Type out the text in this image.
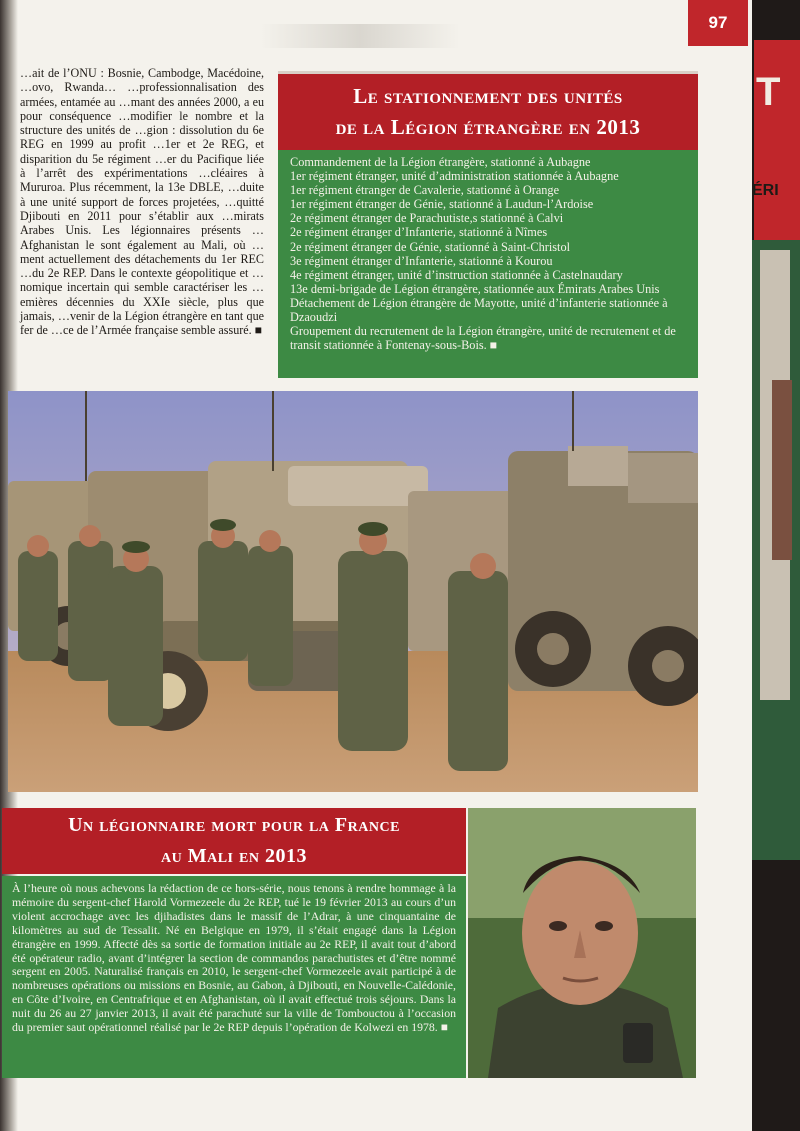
T
ÉRI
97

…ait de l’ONU : Bosnie, Cambodge, Macédoine, …ovo, Rwanda… …professionnalisation des armées, entamée au …mant des années 2000, a eu pour conséquence …modifier le nombre et la structure des unités de …gion : dissolution du 6e REG en 1999 au profit …1er et 2e REG, et disparition du 5e régiment …er du Pacifique liée à l’arrêt des expérimentations …cléaires à Mururoa. Plus récemment, la 13e DBLE, …duite à une unité support de forces projetées, …quitté Djibouti en 2011 pour s’établir aux …mirats Arabes Unis. Les légionnaires présents …Afghanistan le sont également au Mali, où …ment actuellement des détachements du 1er REC …du 2e REP. Dans le contexte géopolitique et …nomique incertain qui semble caractériser les …emières décennies du XXIe siècle, plus que jamais, …venir de la Légion étrangère en tant que fer de …ce de l’Armée française semble assuré. ■

Le stationnement des unités
de la Légion étrangère en 2013
Commandement de la Légion étrangère, stationné à Aubagne
1er régiment étranger, unité d’administration stationnée à Aubagne
1er régiment étranger de Cavalerie, stationné à Orange
1er régiment étranger de Génie, stationné à Laudun-l’Ardoise
2e régiment étranger de Parachutiste,s stationné à Calvi
2e régiment étranger d’Infanterie, stationné à Nîmes
2e régiment étranger de Génie, stationné à Saint-Christol
3e régiment étranger d’Infanterie, stationné à Kourou
4e régiment étranger, unité d’instruction stationnée à Castelnaudary
13e demi-brigade de Légion étrangère, stationnée aux Émirats Arabes Unis
Détachement de Légion étrangère de Mayotte, unité d’infanterie stationnée à Dzaoudzi
Groupement du recrutement de la Légion étrangère, unité de recrutement et de transit stationnée à Fontenay-sous-Bois. ■
Un légionnaire mort pour la France
au Mali en 2013

À l’heure où nous achevons la rédaction de ce hors-série, nous tenons à rendre hommage à la mémoire du sergent-chef Harold Vormezeele du 2e REP, tué le 19 février 2013 au cours d’un violent accrochage avec les djihadistes dans le massif de l’Adrar, à une cinquantaine de kilomètres au sud de Tessalit. Né en Belgique en 1979, il s’était engagé dans la Légion étrangère en 1999. Affecté dès sa sortie de formation initiale au 2e REP, il avait tout d’abord été opérateur radio, avant d’intégrer la section de commandos parachutistes et d’être nommé sergent en 2005. Naturalisé français en 2010, le sergent-chef Vormezeele avait participé à de nombreuses opérations ou missions en Bosnie, au Gabon, à Djibouti, en Nouvelle-Calédonie, en Côte d’Ivoire, en Centrafrique et en Afghanistan, où il avait effectué trois séjours. Dans la nuit du 26 au 27 janvier 2013, il avait été parachuté sur la ville de Tombouctou à l’occasion du premier saut opérationnel réalisé par le 2e REP depuis l’opération de Kolwezi en 1978. ■
